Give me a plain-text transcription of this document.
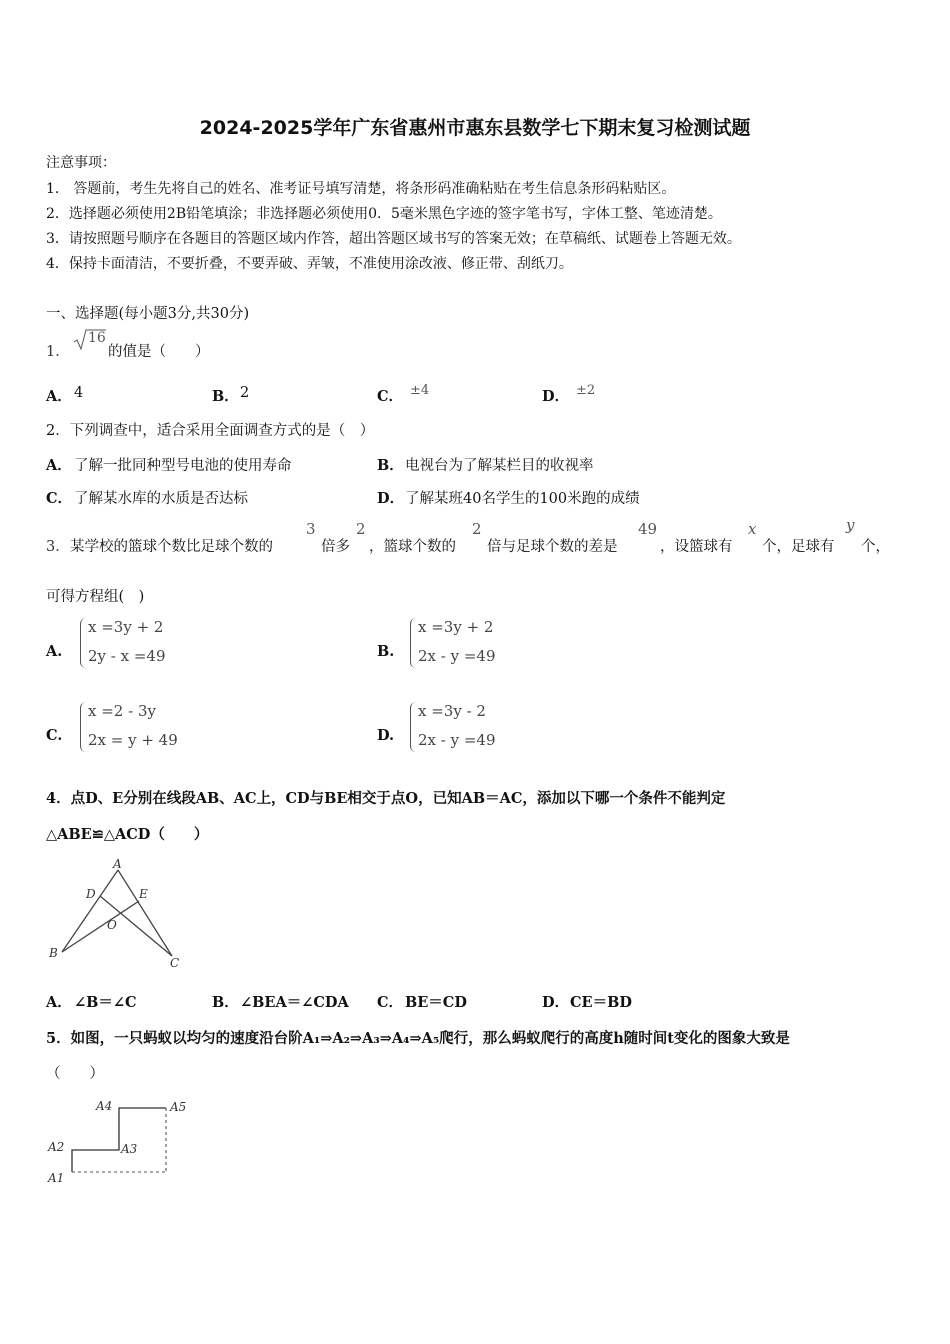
2024-2025学年广东省惠州市惠东县数学七下期末复习检测试题
注意事项：
1． 答题前，考生先将自己的姓名、准考证号填写清楚，将条形码准确粘贴在考生信息条形码粘贴区。
2．选择题必须使用2B铅笔填涂；非选择题必须使用0．5毫米黑色字迹的签字笔书写，字体工整、笔迹清楚。
3．请按照题号顺序在各题目的答题区域内作答，超出答题区域书写的答案无效；在草稿纸、试题卷上答题无效。
4．保持卡面清洁，不要折叠，不要弄破、弄皱，不准使用涂改液、修正带、刮纸刀。
一、选择题(每小题3分,共30分)
1．
16
的值是（　　）
A． 4	B． 2	C． ±4	D． ±2
2．下列调查中，适合采用全面调查方式的是（　）
A． 了解一批同种型号电池的使用寿命	B． 电视台为了解某栏目的收视率
C． 了解某水库的水质是否达标	D． 了解某班40名学生的100米跑的成绩
3． 某学校的篮球个数比足球个数的
3
倍多
2
，篮球个数的
2
倍与足球个数的差是
49
，设篮球有
x
个，足球有
y
个，
可得方程组(　)
A.
x =3y + 2
2y - x =49	B.
x =3y + 2
2x - y =49
C.
x =2 - 3y
2x = y + 49	D.
x =3y - 2
2x - y =49
4．点D、E分别在线段AB、AC上，CD与BE相交于点O，已知AB＝AC，添加以下哪一个条件不能判定
△ABE≌△ACD（　　）
A
B
C
D	E
O
A． ∠B＝∠C	B． ∠BEA＝∠CDA C． BE＝CD	D． CE＝BD
5．如图，一只蚂蚁以均匀的速度沿台阶A₁⇒A₂⇒A₃⇒A₄⇒A₅爬行，那么蚂蚁爬行的高度h随时间t变化的图象大致是
（　　）
A1
A2	A3
A4	A5
